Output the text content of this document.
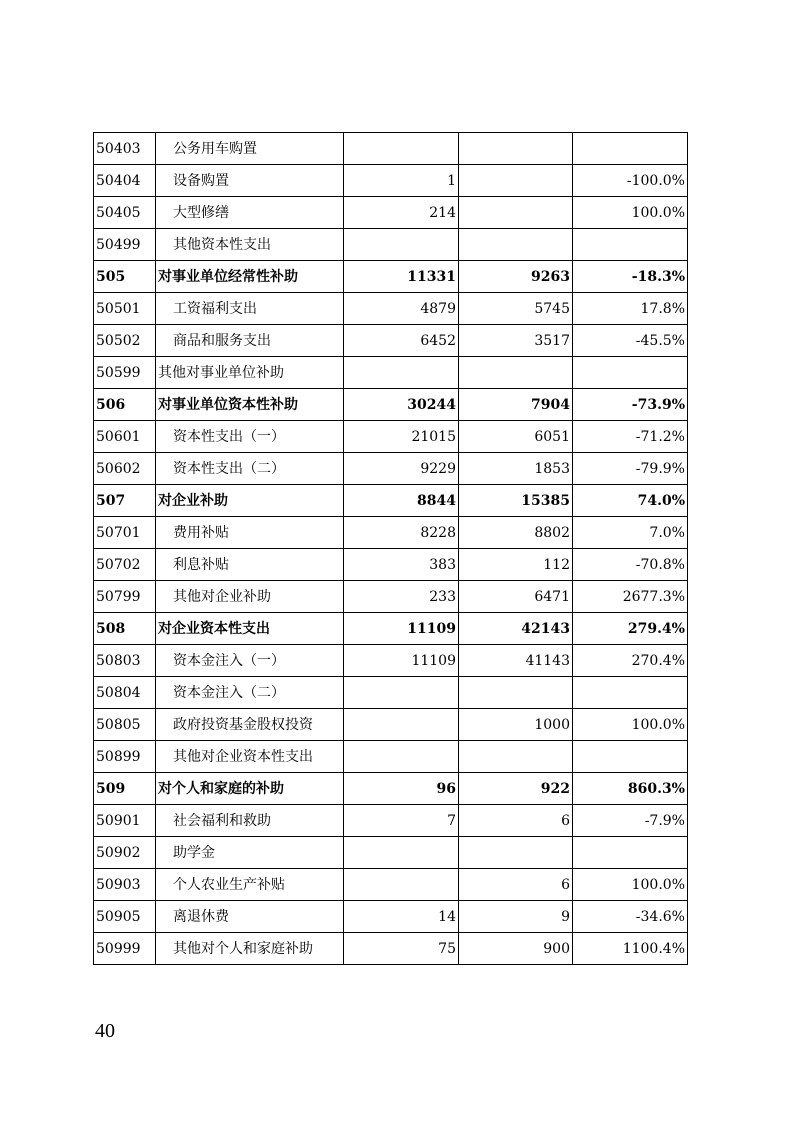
50403	公务用车购置			
50404	设备购置	1		-100.0%
50405	大型修缮	214		100.0%
50499	其他资本性支出			
505	对事业单位经常性补助	11331	9263	-18.3%
50501	工资福利支出	4879	5745	17.8%
50502	商品和服务支出	6452	3517	-45.5%
50599	其他对事业单位补助			
506	对事业单位资本性补助	30244	7904	-73.9%
50601	资本性支出（一）	21015	6051	-71.2%
50602	资本性支出（二）	9229	1853	-79.9%
507	对企业补助	8844	15385	74.0%
50701	费用补贴	8228	8802	7.0%
50702	利息补贴	383	112	-70.8%
50799	其他对企业补助	233	6471	2677.3%
508	对企业资本性支出	11109	42143	279.4%
50803	资本金注入（一）	11109	41143	270.4%
50804	资本金注入（二）			
50805	政府投资基金股权投资		1000	100.0%
50899	其他对企业资本性支出			
509	对个人和家庭的补助	96	922	860.3%
50901	社会福利和救助	7	6	-7.9%
50902	助学金			
50903	个人农业生产补贴		6	100.0%
50905	离退休费	14	9	-34.6%
50999	其他对个人和家庭补助	75	900	1100.4%
40
